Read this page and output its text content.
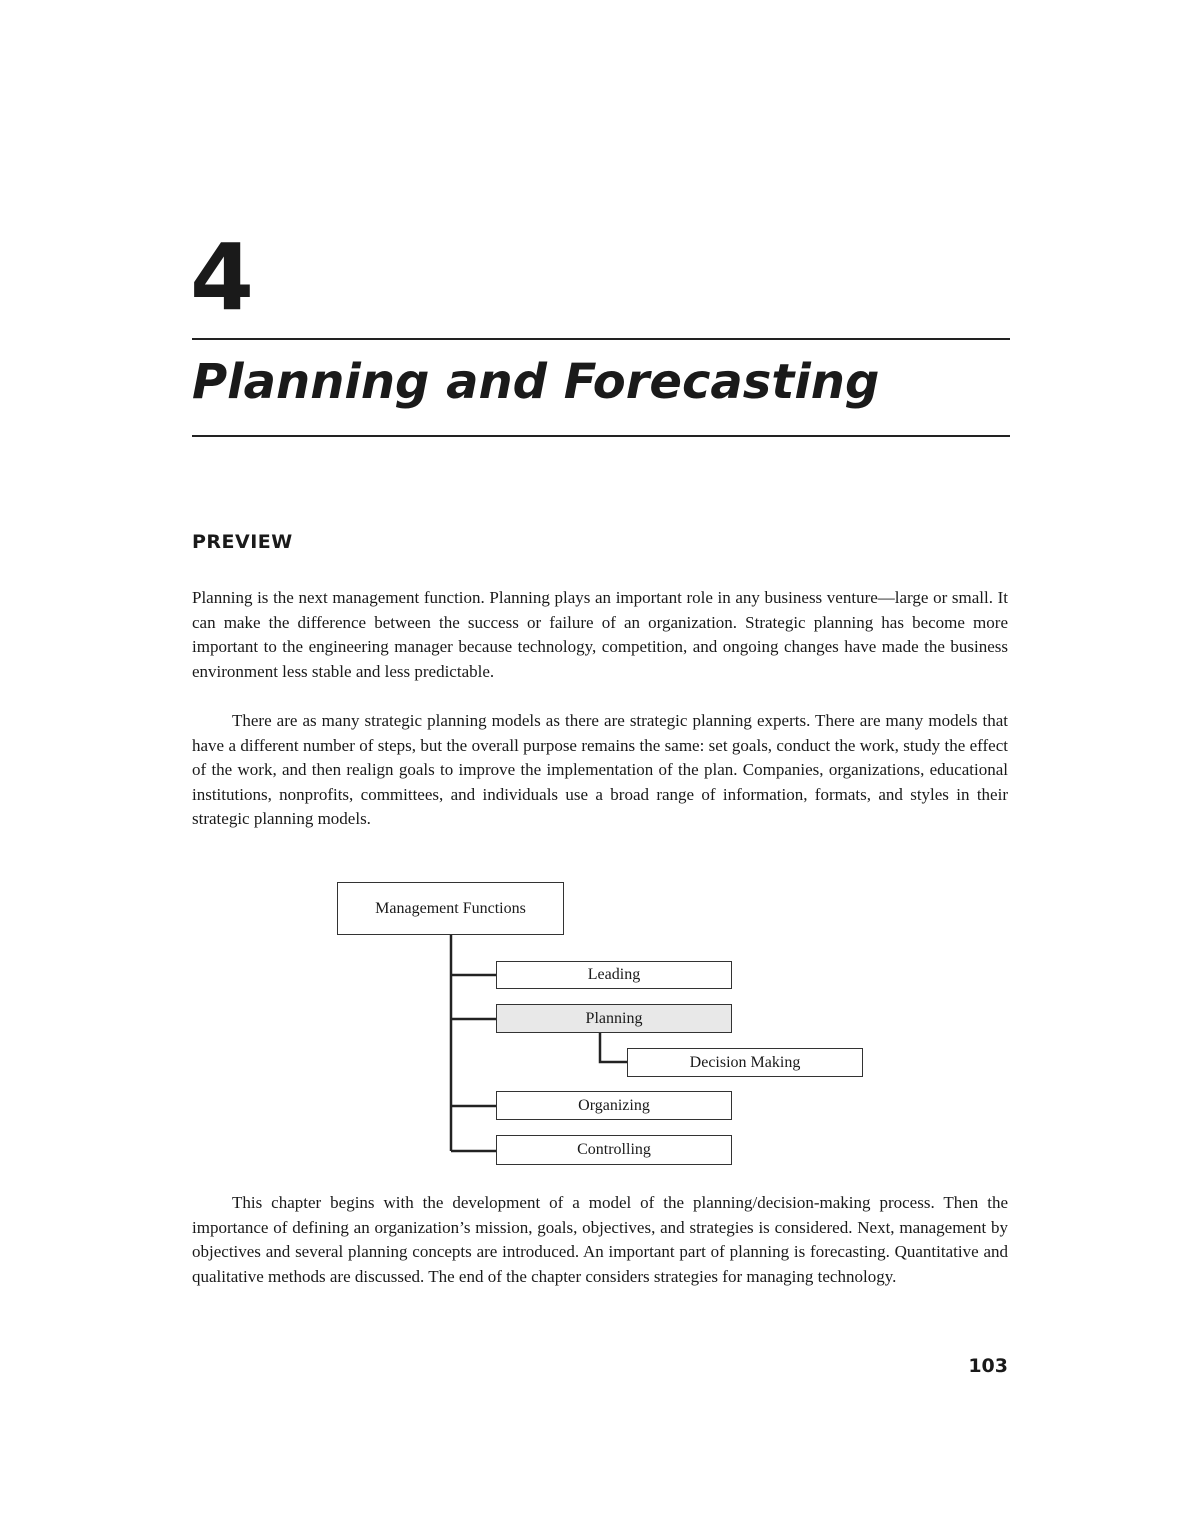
4
Planning and Forecasting
PREVIEW

Planning is the next management function. Planning plays an important role in any business venture—large or small. It can make the difference between the success or failure of an organization. Strategic planning has become more important to the engineering manager because technology, competition, and ongoing changes have made the business environment less stable and less predictable.

There are as many strategic planning models as there are strategic planning experts. There are many models that have a different number of steps, but the overall purpose remains the same: set goals, conduct the work, study the effect of the work, and then realign goals to improve the implementation of the plan. Companies, organizations, educational institutions, nonprofits, committees, and individuals use a broad range of information, formats, and styles in their strategic planning models.

Management Functions
Leading
Planning
Decision Making
Organizing
Controlling

This chapter begins with the development of a model of the planning/decision-making process. Then the importance of defining an organization’s mission, goals, objectives, and strategies is considered. Next, management by objectives and several planning concepts are introduced. An important part of planning is forecasting. Quantitative and qualitative methods are discussed. The end of the chapter considers strategies for managing technology.

103
